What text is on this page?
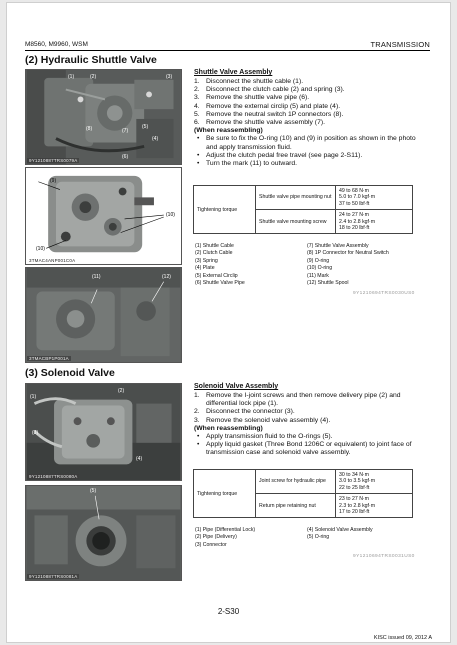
M8560, M9960, WSM	TRANSMISSION
(2) Hydraulic Shuttle Valve
(1)	(2)	(3)
(4)
(5)
(6)
(7)
(8)
9Y1210887TRS0079A
(9)
(10)
(10)
3TMAC4ANP001C0A
(11)	(12)
3TMACBP1P001A
Shuttle Valve Assembly
1. Disconnect the shuttle cable (1).
2. Disconnect the clutch cable (2) and spring (3).
3. Remove the shuttle valve pipe (6).
4. Remove the external circlip (5) and plate (4).
5. Remove the neutral switch 1P connectors (8).
6. Remove the shuttle valve assembly (7).
(When reassembling)
• Be sure to fix the O-ring (10) and (9) in position as shown in the photo and apply transmission fluid.
• Adjust the clutch pedal free travel (see page 2-S11).
• Turn the mark (11) to outward.
Tightening torque	Shuttle valve pipe mounting nut	49 to 68 N·m
5.0 to 7.0 kgf·m
37 to 50 lbf·ft

	Shuttle valve mounting screw	24 to 27 N·m
2.4 to 2.8 kgf·m
18 to 20 lbf·ft
(1) Shuttle Cable	(7) Shuttle Valve Assembly
(2) Clutch Cable	(8) 1P Connector for Neutral Switch
(3) Spring	(9) O-ring
(4) Plate	(10) O-ring
(5) External Circlip	(11) Mark
(6) Shuttle Valve Pipe	(12) Shuttle Spool
9Y1210694TRS0030US0
(3) Solenoid Valve
(1)
(2)
(3)
(4)
9Y1210887TRS0080A
(5)
9Y1210887TRS0081A
Solenoid Valve Assembly
1. Remove the I-joint screws and then remove delivery pipe (2) and differential lock pipe (1).
2. Disconnect the connector (3).
3. Remove the solenoid valve assembly (4).
(When reassembling)
• Apply transmission fluid to the O-rings (5).
• Apply liquid gasket (Three Bond 1206C or equivalent) to joint face of transmission case and solenoid valve assembly.
Tightening torque	Joint screw for hydraulic pipe	30 to 34 N·m
3.0 to 3.5 kgf·m
22 to 25 lbf·ft

	Return pipe retaining nut	23 to 27 N·m
2.3 to 2.8 kgf·m
17 to 20 lbf·ft
(1) Pipe (Differential Lock)	(4) Solenoid Valve Assembly
(2) Pipe (Delivery)	(5) O-ring
(3) Connector
9Y1210694TRS0031US0
2-S30
KISC issued 09, 2012 A
